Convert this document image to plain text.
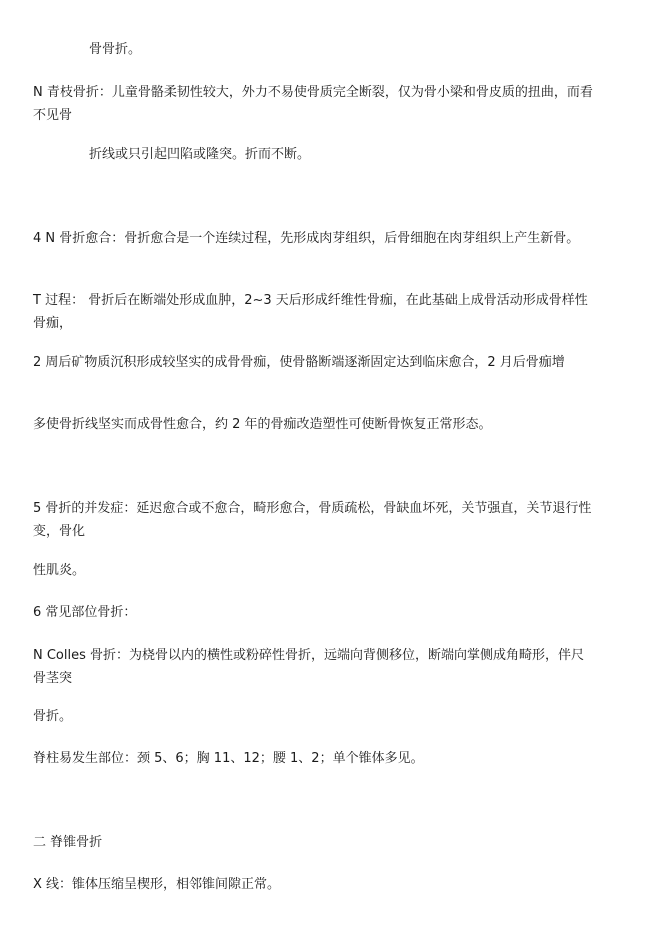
骨骨折。
N 青枝骨折：儿童骨骼柔韧性较大，外力不易使骨质完全断裂，仅为骨小梁和骨皮质的扭曲，而看不见骨
折线或只引起凹陷或隆突。折而不断。
4 N 骨折愈合：骨折愈合是一个连续过程，先形成肉芽组织，后骨细胞在肉芽组织上产生新骨。
T 过程： 骨折后在断端处形成血肿，2~3 天后形成纤维性骨痂，在此基础上成骨活动形成骨样性骨痂，
2 周后矿物质沉积形成较坚实的成骨骨痂，使骨骼断端逐渐固定达到临床愈合，2 月后骨痂增
多使骨折线坚实而成骨性愈合，约 2 年的骨痂改造塑性可使断骨恢复正常形态。
5 骨折的并发症：延迟愈合或不愈合，畸形愈合，骨质疏松，骨缺血坏死，关节强直，关节退行性变，骨化
性肌炎。
6 常见部位骨折：
N Colles 骨折：为桡骨以内的横性或粉碎性骨折，远端向背侧移位，断端向掌侧成角畸形，伴尺骨茎突
骨折。
脊柱易发生部位：颈 5、6；胸 11、12；腰 1、2；单个锥体多见。
二 脊锥骨折
X 线：锥体压缩呈楔形，相邻锥间隙正常。
